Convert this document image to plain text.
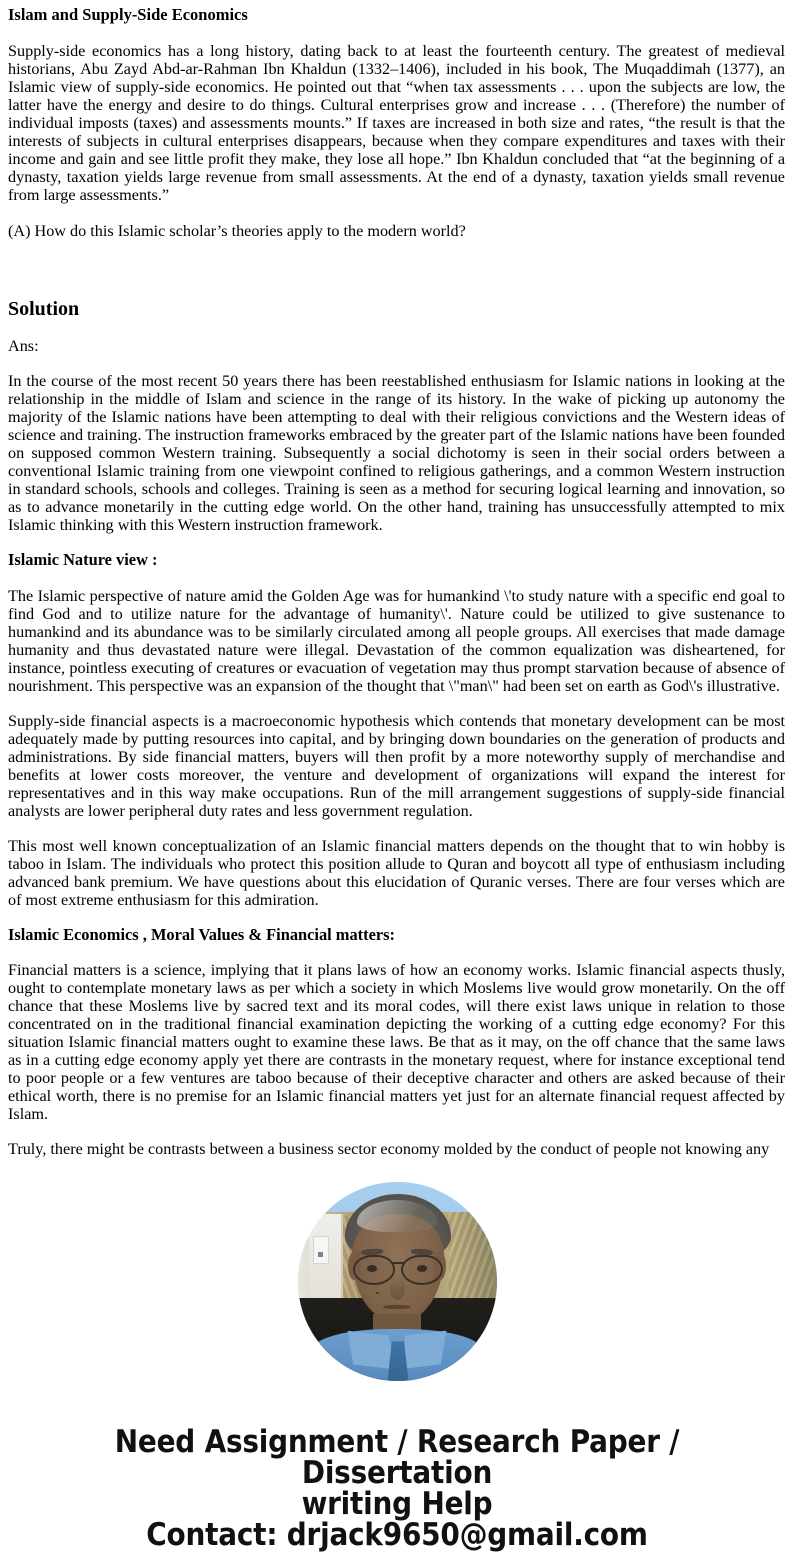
Islam and Supply-Side Economics

Supply-side economics has a long history, dating back to at least the fourteenth century. The greatest of medieval historians, Abu Zayd Abd-ar-Rahman Ibn Khaldun (1332–1406), included in his book, The Muqaddimah (1377), an Islamic view of supply-side economics. He pointed out that “when tax assessments . . . upon the subjects are low, the latter have the energy and desire to do things. Cultural enterprises grow and increase . . . (Therefore) the number of individual imposts (taxes) and assessments mounts.” If taxes are increased in both size and rates, “the result is that the interests of subjects in cultural enterprises disappears, because when they compare expenditures and taxes with their income and gain and see little profit they make, they lose all hope.” Ibn Khaldun concluded that “at the beginning of a dynasty, taxation yields large revenue from small assessments. At the end of a dynasty, taxation yields small revenue from large assessments.”

(A) How do this Islamic scholar’s theories apply to the modern world?

Solution

Ans:

In the course of the most recent 50 years there has been reestablished enthusiasm for Islamic nations in looking at the relationship in the middle of Islam and science in the range of its history. In the wake of picking up autonomy the majority of the Islamic nations have been attempting to deal with their religious convictions and the Western ideas of science and training. The instruction frameworks embraced by the greater part of the Islamic nations have been founded on supposed common Western training. Subsequently a social dichotomy is seen in their social orders between a conventional Islamic training from one viewpoint confined to religious gatherings, and a common Western instruction in standard schools, schools and colleges. Training is seen as a method for securing logical learning and innovation, so as to advance monetarily in the cutting edge world. On the other hand, training has unsuccessfully attempted to mix Islamic thinking with this Western instruction framework.

Islamic Nature view :

The Islamic perspective of nature amid the Golden Age was for humankind \'to study nature with a specific end goal to find God and to utilize nature for the advantage of humanity\'. Nature could be utilized to give sustenance to humankind and its abundance was to be similarly circulated among all people groups. All exercises that made damage humanity and thus devastated nature were illegal. Devastation of the common equalization was disheartened, for instance, pointless executing of creatures or evacuation of vegetation may thus prompt starvation because of absence of nourishment. This perspective was an expansion of the thought that \"man\" had been set on earth as God\'s illustrative.

Supply-side financial aspects is a macroeconomic hypothesis which contends that monetary development can be most adequately made by putting resources into capital, and by bringing down boundaries on the generation of products and administrations. By side financial matters, buyers will then profit by a more noteworthy supply of merchandise and benefits at lower costs moreover, the venture and development of organizations will expand the interest for representatives and in this way make occupations. Run of the mill arrangement suggestions of supply-side financial analysts are lower peripheral duty rates and less government regulation.

This most well known conceptualization of an Islamic financial matters depends on the thought that to win hobby is taboo in Islam. The individuals who protect this position allude to Quran and boycott all type of enthusiasm including advanced bank premium. We have questions about this elucidation of Quranic verses. There are four verses which are of most extreme enthusiasm for this admiration.

Islamic Economics , Moral Values & Financial matters:

Financial matters is a science, implying that it plans laws of how an economy works. Islamic financial aspects thusly, ought to contemplate monetary laws as per which a society in which Moslems live would grow monetarily. On the off chance that these Moslems live by sacred text and its moral codes, will there exist laws unique in relation to those concentrated on in the traditional financial examination depicting the working of a cutting edge economy? For this situation Islamic financial matters ought to examine these laws. Be that as it may, on the off chance that the same laws as in a cutting edge economy apply yet there are contrasts in the monetary request, where for instance exceptional tend to poor people or a few ventures are taboo because of their deceptive character and others are asked because of their ethical worth, there is no premise for an Islamic financial matters yet just for an alternate financial request affected by Islam.

Truly, there might be contrasts between a business sector economy molded by the conduct of people not knowing any

Need Assignment / Research Paper / Dissertation
writing Help
Contact: drjack9650@gmail.com
